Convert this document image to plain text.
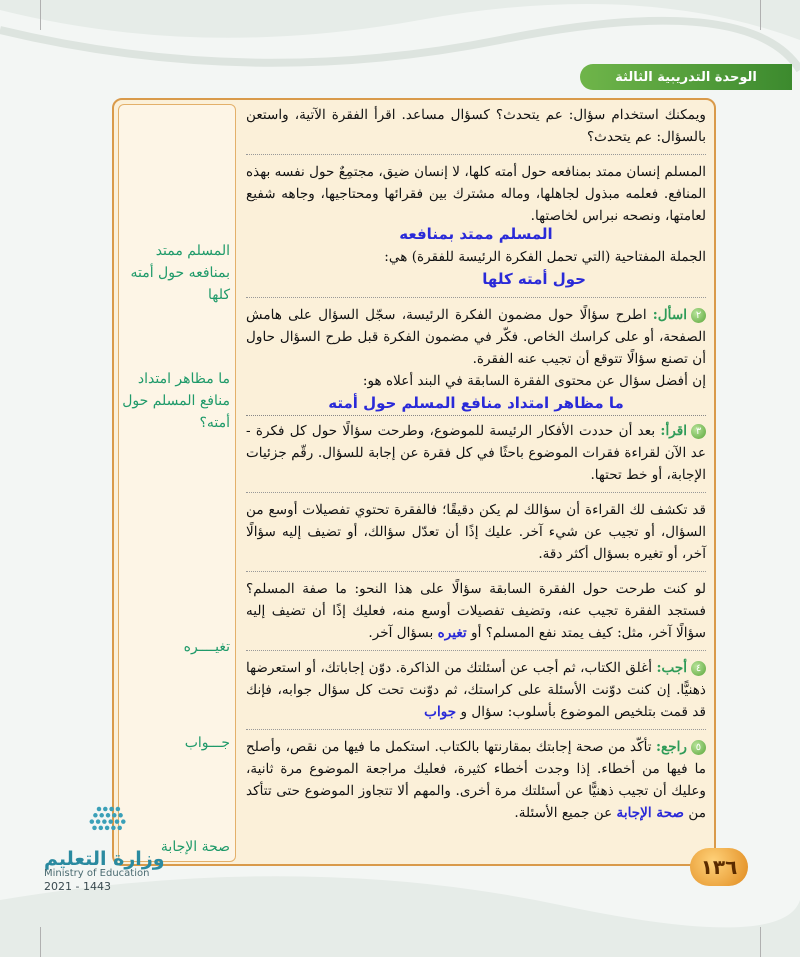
الوحدة التدريبية الثالثة
المسلم ممتد بمنافعه حول أمته كلها
ما مظاهر امتداد منافع المسلم حول أمته؟
تغيــــره
جـــواب
صحة الإجابة

ويمكنك استخدام سؤال: عم يتحدث؟ كسؤال مساعد. اقرأ الفقرة الآتية، واستعن بالسؤال: عم يتحدث؟

المسلم إنسان ممتد بمنافعه حول أمته كلها، لا إنسان ضيق، مجتمِعٌ حول نفسه بهذه المنافع. فعلمه مبذول لجاهلها، وماله مشترك بين فقرائها ومحتاجيها، وجاهه شفيع لعامتها، ونصحه نبراس لخاصتها.

المسلم ممتد بمنافعه

الجملة المفتاحية (التي تحمل الفكرة الرئيسة للفقرة) هي:

حول أمته كلها

٢اسأل: اطرح سؤالًا حول مضمون الفكرة الرئيسة، سجّل السؤال على هامش الصفحة، أو على كراسك الخاص. فكّر في مضمون الفكرة قبل طرح السؤال حاول أن تصنع سؤالًا تتوقع أن تجيب عنه الفقرة.

إن أفضل سؤال عن محتوى الفقرة السابقة في البند أعلاه هو:

ما مظاهر امتداد منافع المسلم حول أمته

٣اقرأ: بعد أن حددت الأفكار الرئيسة للموضوع، وطرحت سؤالًا حول كل فكرة - عد الآن لقراءة فقرات الموضوع باحثًا في كل فقرة عن إجابة للسؤال. رقّم جزئيات الإجابة، أو خط تحتها.

قد تكشف لك القراءة أن سؤالك لم يكن دقيقًا؛ فالفقرة تحتوي تفصيلات أوسع من السؤال، أو تجيب عن شيء آخر. عليك إذًا أن تعدّل سؤالك، أو تضيف إليه سؤالًا آخر، أو تغيره بسؤال أكثر دقة.

لو كنت طرحت حول الفقرة السابقة سؤالًا على هذا النحو: ما صفة المسلم؟ فستجد الفقرة تجيب عنه، وتضيف تفصيلات أوسع منه، فعليك إذًا أن تضيف إليه سؤالًا آخر، مثل: كيف يمتد نفع المسلم؟ أو تغيره بسؤال آخر.

٤أجب: أغلق الكتاب، ثم أجب عن أسئلتك من الذاكرة. دوّن إجاباتك، أو استعرضها ذهنيًّا. إن كنت دوّنت الأسئلة على كراستك، ثم دوّنت تحت كل سؤال جوابه، فإنك قد قمت بتلخيص الموضوع بأسلوب: سؤال و جواب

٥راجع: تأكّد من صحة إجابتك بمقارنتها بالكتاب. استكمل ما فيها من نقص، وأصلح ما فيها من أخطاء. إذا وجدت أخطاء كثيرة، فعليك مراجعة الموضوع مرة ثانية، وعليك أن تجيب ذهنيًّا عن أسئلتك مرة أخرى. والمهم ألا تتجاوز الموضوع حتى تتأكد من صحة الإجابة عن جميع الأسئلة.

١٣٦
وزارة التعليم
Ministry of Education
2021 - 1443
